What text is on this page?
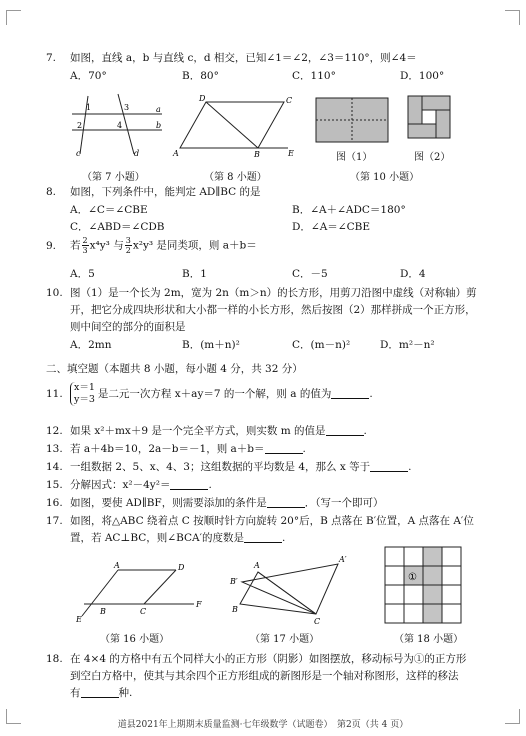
7. 如图，直线 a，b 与直线 c，d 相交，已知∠1＝∠2，∠3＝110°，则∠4＝
A．70°	B．80°	C．110°	D．100°
1	3
2	4
a
b
c	d
（第 7 小题）
D	C
A	B	E
（第 8 小题）
图（1）	图（2）
（第 10 小题）
8. 如图，下列条件中，能判定 AD∥BC 的是
A．∠C＝∠CBE	B．∠A＋∠ADC＝180°
C．∠ABD＝∠CDB	D．∠A＝∠CBE
9. 若 $\frac{2}{3} x^4y^3$ 与 $\frac{3}{2} x^2y^3$ 是同类项，则 a＋b＝
A．5	B．1	C．－5	D．4
10. 图（1）是一个长为 2m，宽为 2n（m＞n）的长方形，用剪刀沿图中虚线（对称轴）剪
开，把它分成四块形状和大小都一样的小长方形，然后按图（2）那样拼成一个正方形，
则中间空的部分的面积是
A．2mn	B．(m＋n)²	C．(m－n)²	D．m²－n²
二、填空题（本题共 8 小题，每小题 4 分，共 32 分）
11.
x＝1
y＝3 是二元一次方程 x＋ay＝7 的一个解，则 a 的值为	.
12. 如果 x²＋mx＋9 是一个完全平方式，则实数 m 的值是	.
13. 若 a＋4b＝10，2a－b＝－1，则 a＋b＝	.
14. 一组数据 2、5、x、4、3；这组数据的平均数是 4，那么 x 等于	.
15. 分解因式：x²－4y²＝	.
16. 如图，要使 AD∥BF，则需要添加的条件是	．（写一个即可）
17. 如图，将△ABC 绕着点 C 按顺时针方向旋转 20°后，B 点落在 B′位置，A 点落在 A′位
置，若 AC⊥BC，则∠BCA′的度数是	.
A	D
E
B	C
F
（第 16 小题）
A
A′
B′
B
C
（第 17 小题）
①
（第 18 小题）
18. 在 4×4 的方格中有五个同样大小的正方形（阴影）如图摆放，移动标号为①的正方形
到空白方格中，使其与其余四个正方形组成的新图形是一个轴对称图形，这样的移法
有	种.
道县2021年上期期末质量监测·七年级数学（试题卷）　第2页（共 4 页）
